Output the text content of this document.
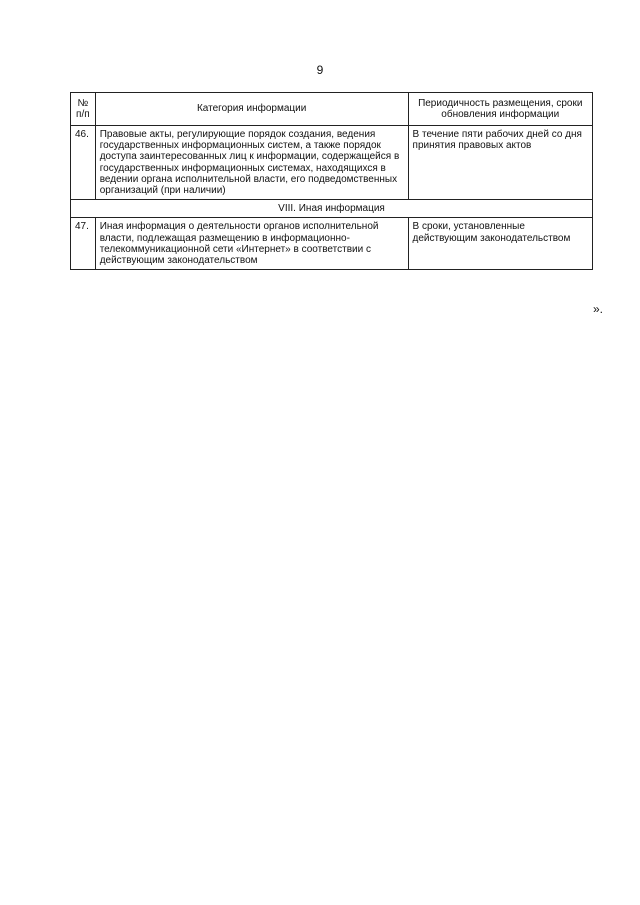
9
№ п/п	Категория информации	Периодичность размещения, сроки обновления информации
46.	Правовые акты, регулирующие порядок создания, ведения государственных информационных систем, а также порядок доступа заинтересованных лиц к информации, содержащейся в государственных информационных системах, находящихся в ведении органа исполнительной власти, его подведомственных организаций (при наличии)	В течение пяти рабочих дней со дня принятия правовых актов
VIII. Иная информация		
47.	Иная информация о деятельности органов исполнительной власти, подлежащая размещению в информационно-телекоммуникационной сети «Интернет» в соответствии с действующим законодательством	В сроки, установленные действующим законодательством
».
